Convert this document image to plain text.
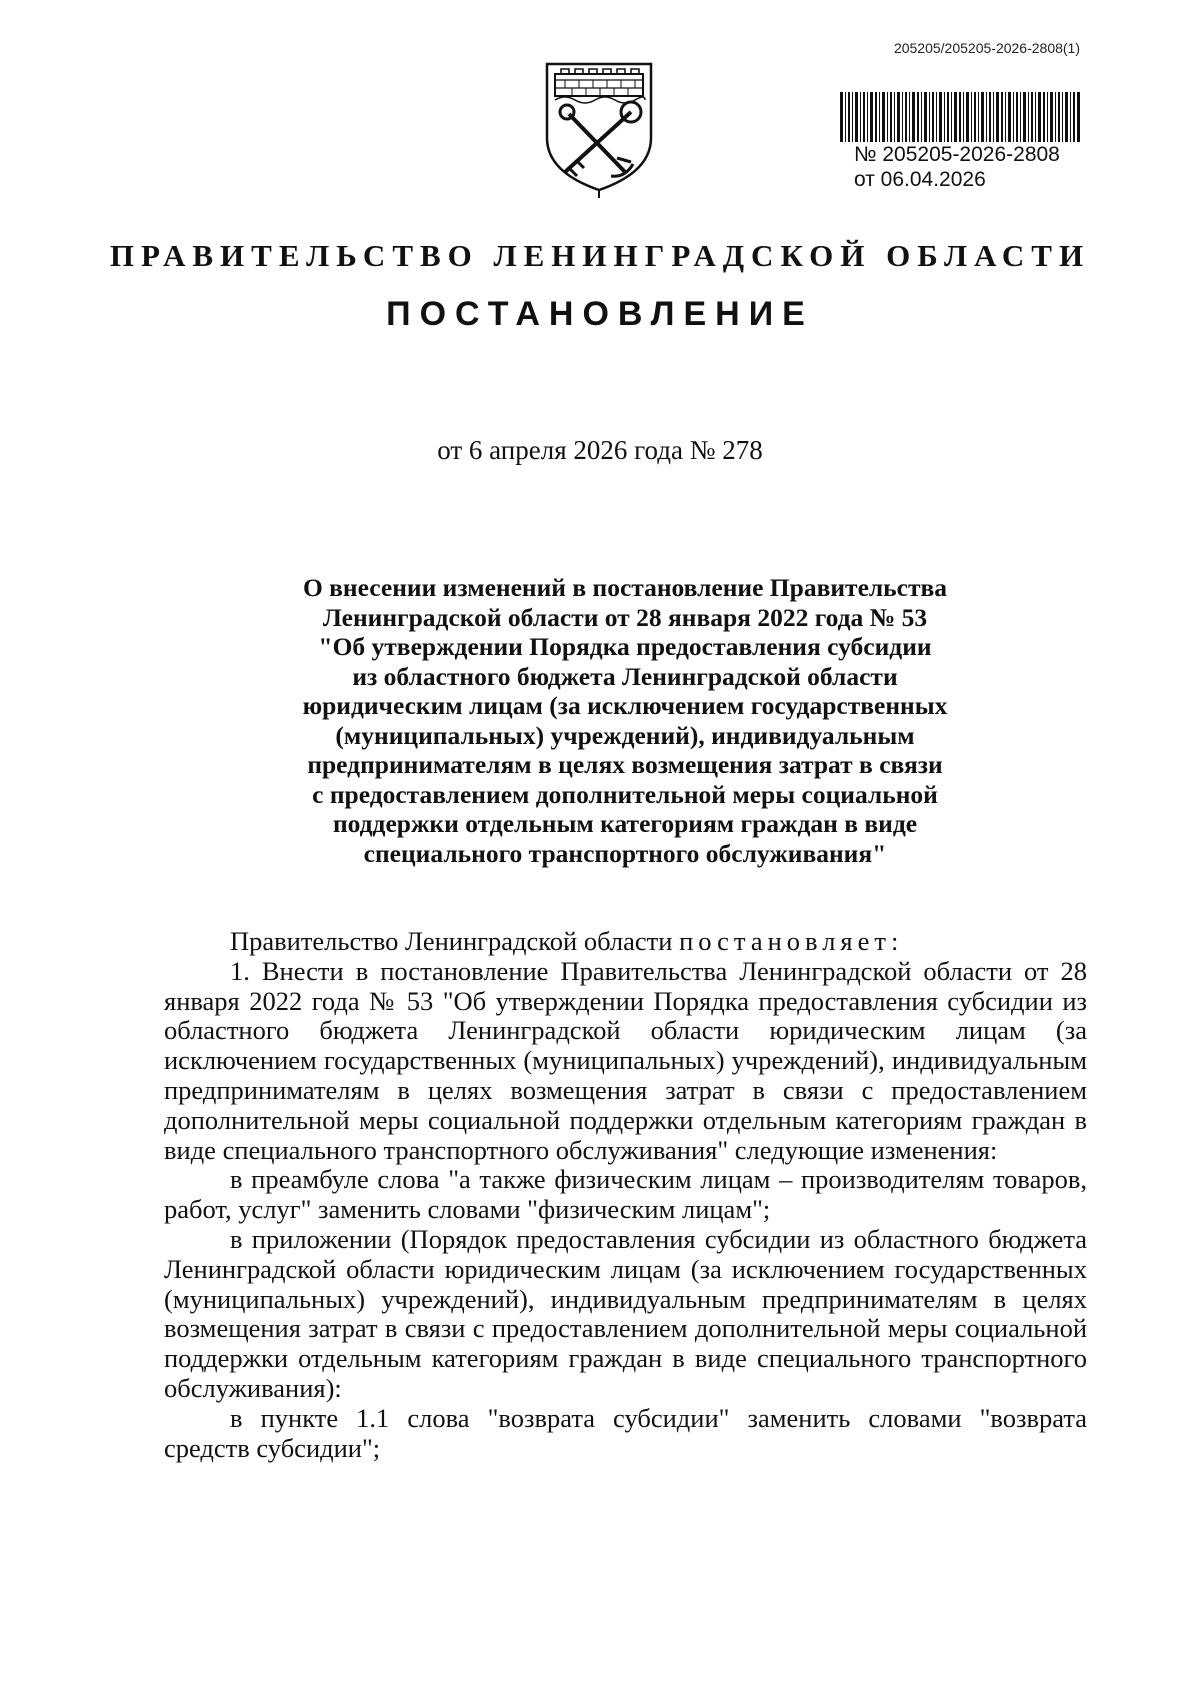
205205/205205-2026-2808(1)
№ 205205-2026-2808
от 06.04.2026
ПРАВИТЕЛЬСТВО ЛЕНИНГРАДСКОЙ ОБЛАСТИ
ПОСТАНОВЛЕНИЕ
от 6 апреля 2026 года № 278
О внесении изменений в постановление Правительства
Ленинградской области от 28 января 2022 года № 53
"Об утверждении Порядка предоставления субсидии
из областного бюджета Ленинградской области
юридическим лицам (за исключением государственных
(муниципальных) учреждений), индивидуальным
предпринимателям в целях возмещения затрат в связи
с предоставлением дополнительной меры социальной
поддержки отдельным категориям граждан в виде
специального транспортного обслуживания"

Правительство Ленинградской области постановляет:

1. Внести в постановление Правительства Ленинградской области от 28 января 2022 года № 53 "Об утверждении Порядка предоставления субсидии из областного бюджета Ленинградской области юридическим лицам (за исключением государственных (муниципальных) учреждений), индивидуальным предпринимателям в целях возмещения затрат в связи с предоставлением дополнительной меры социальной поддержки отдельным категориям граждан в виде специального транспортного обслуживания" следующие изменения:

в преамбуле слова "а также физическим лицам – производителям товаров, работ, услуг" заменить словами "физическим лицам";

в приложении (Порядок предоставления субсидии из областного бюджета Ленинградской области юридическим лицам (за исключением государственных (муниципальных) учреждений), индивидуальным предпринимателям в целях возмещения затрат в связи с предоставлением дополнительной меры социальной поддержки отдельным категориям граждан в виде специального транспортного обслуживания):

в пункте 1.1 слова "возврата субсидии" заменить словами "возврата средств субсидии";
